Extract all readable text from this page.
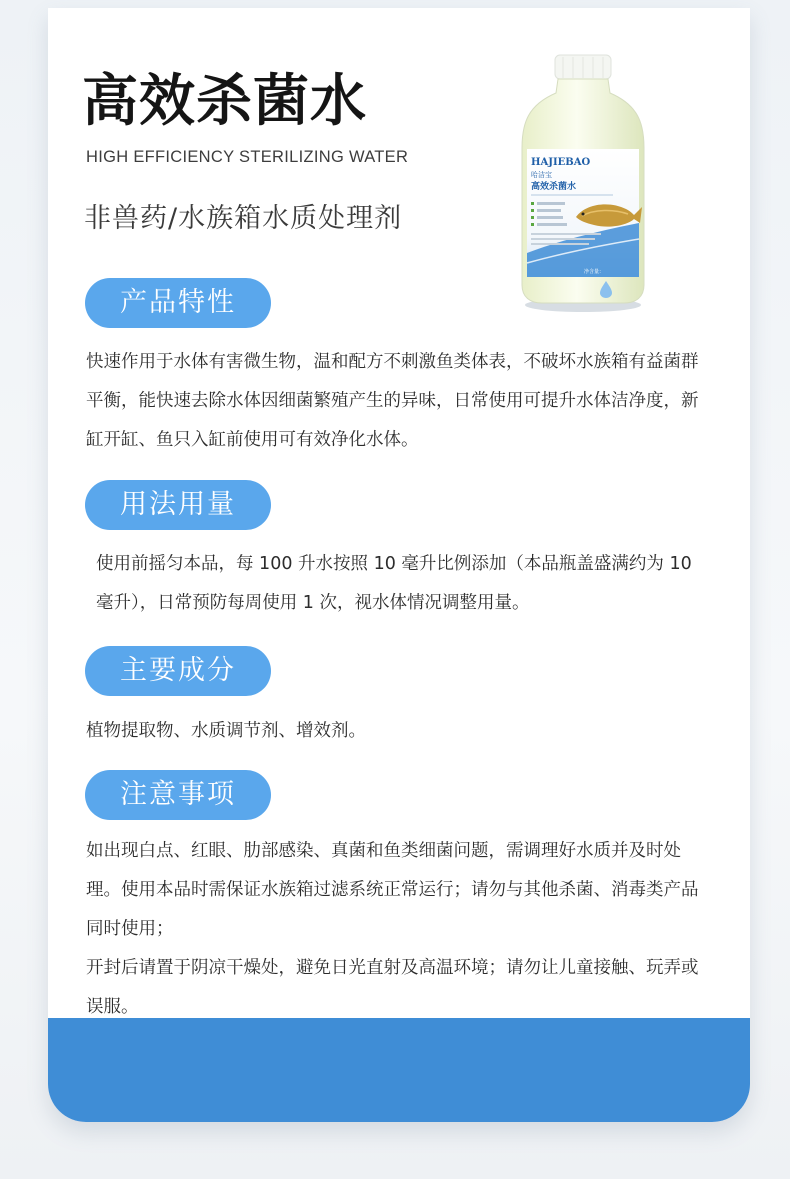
高效杀菌水
HIGH EFFICIENCY STERILIZING WATER
非兽药/水族箱水质处理剂
HAJIEBAO
哈洁宝
高效杀菌水
净含量：
产品特性

快速作用于水体有害微生物，温和配方不刺激鱼类体表，不破坏水族箱有益菌群平衡，能快速去除水体因细菌繁殖产生的异味，日常使用可提升水体洁净度，新缸开缸、鱼只入缸前使用可有效净化水体。

用法用量

使用前摇匀本品，每 100 升水按照 10 毫升比例添加（本品瓶盖盛满约为 10 毫升），日常预防每周使用 1 次，视水体情况调整用量。

主要成分

植物提取物、水质调节剂、增效剂。

注意事项
如出现白点、红眼、肋部感染、真菌和鱼类细菌问题，需调理好水质并及时处理。使用本品时需保证水族箱过滤系统正常运行；请勿与其他杀菌、消毒类产品同时使用；
开封后请置于阴凉干燥处，避免日光直射及高温环境；请勿让儿童接触、玩弄或误服。
